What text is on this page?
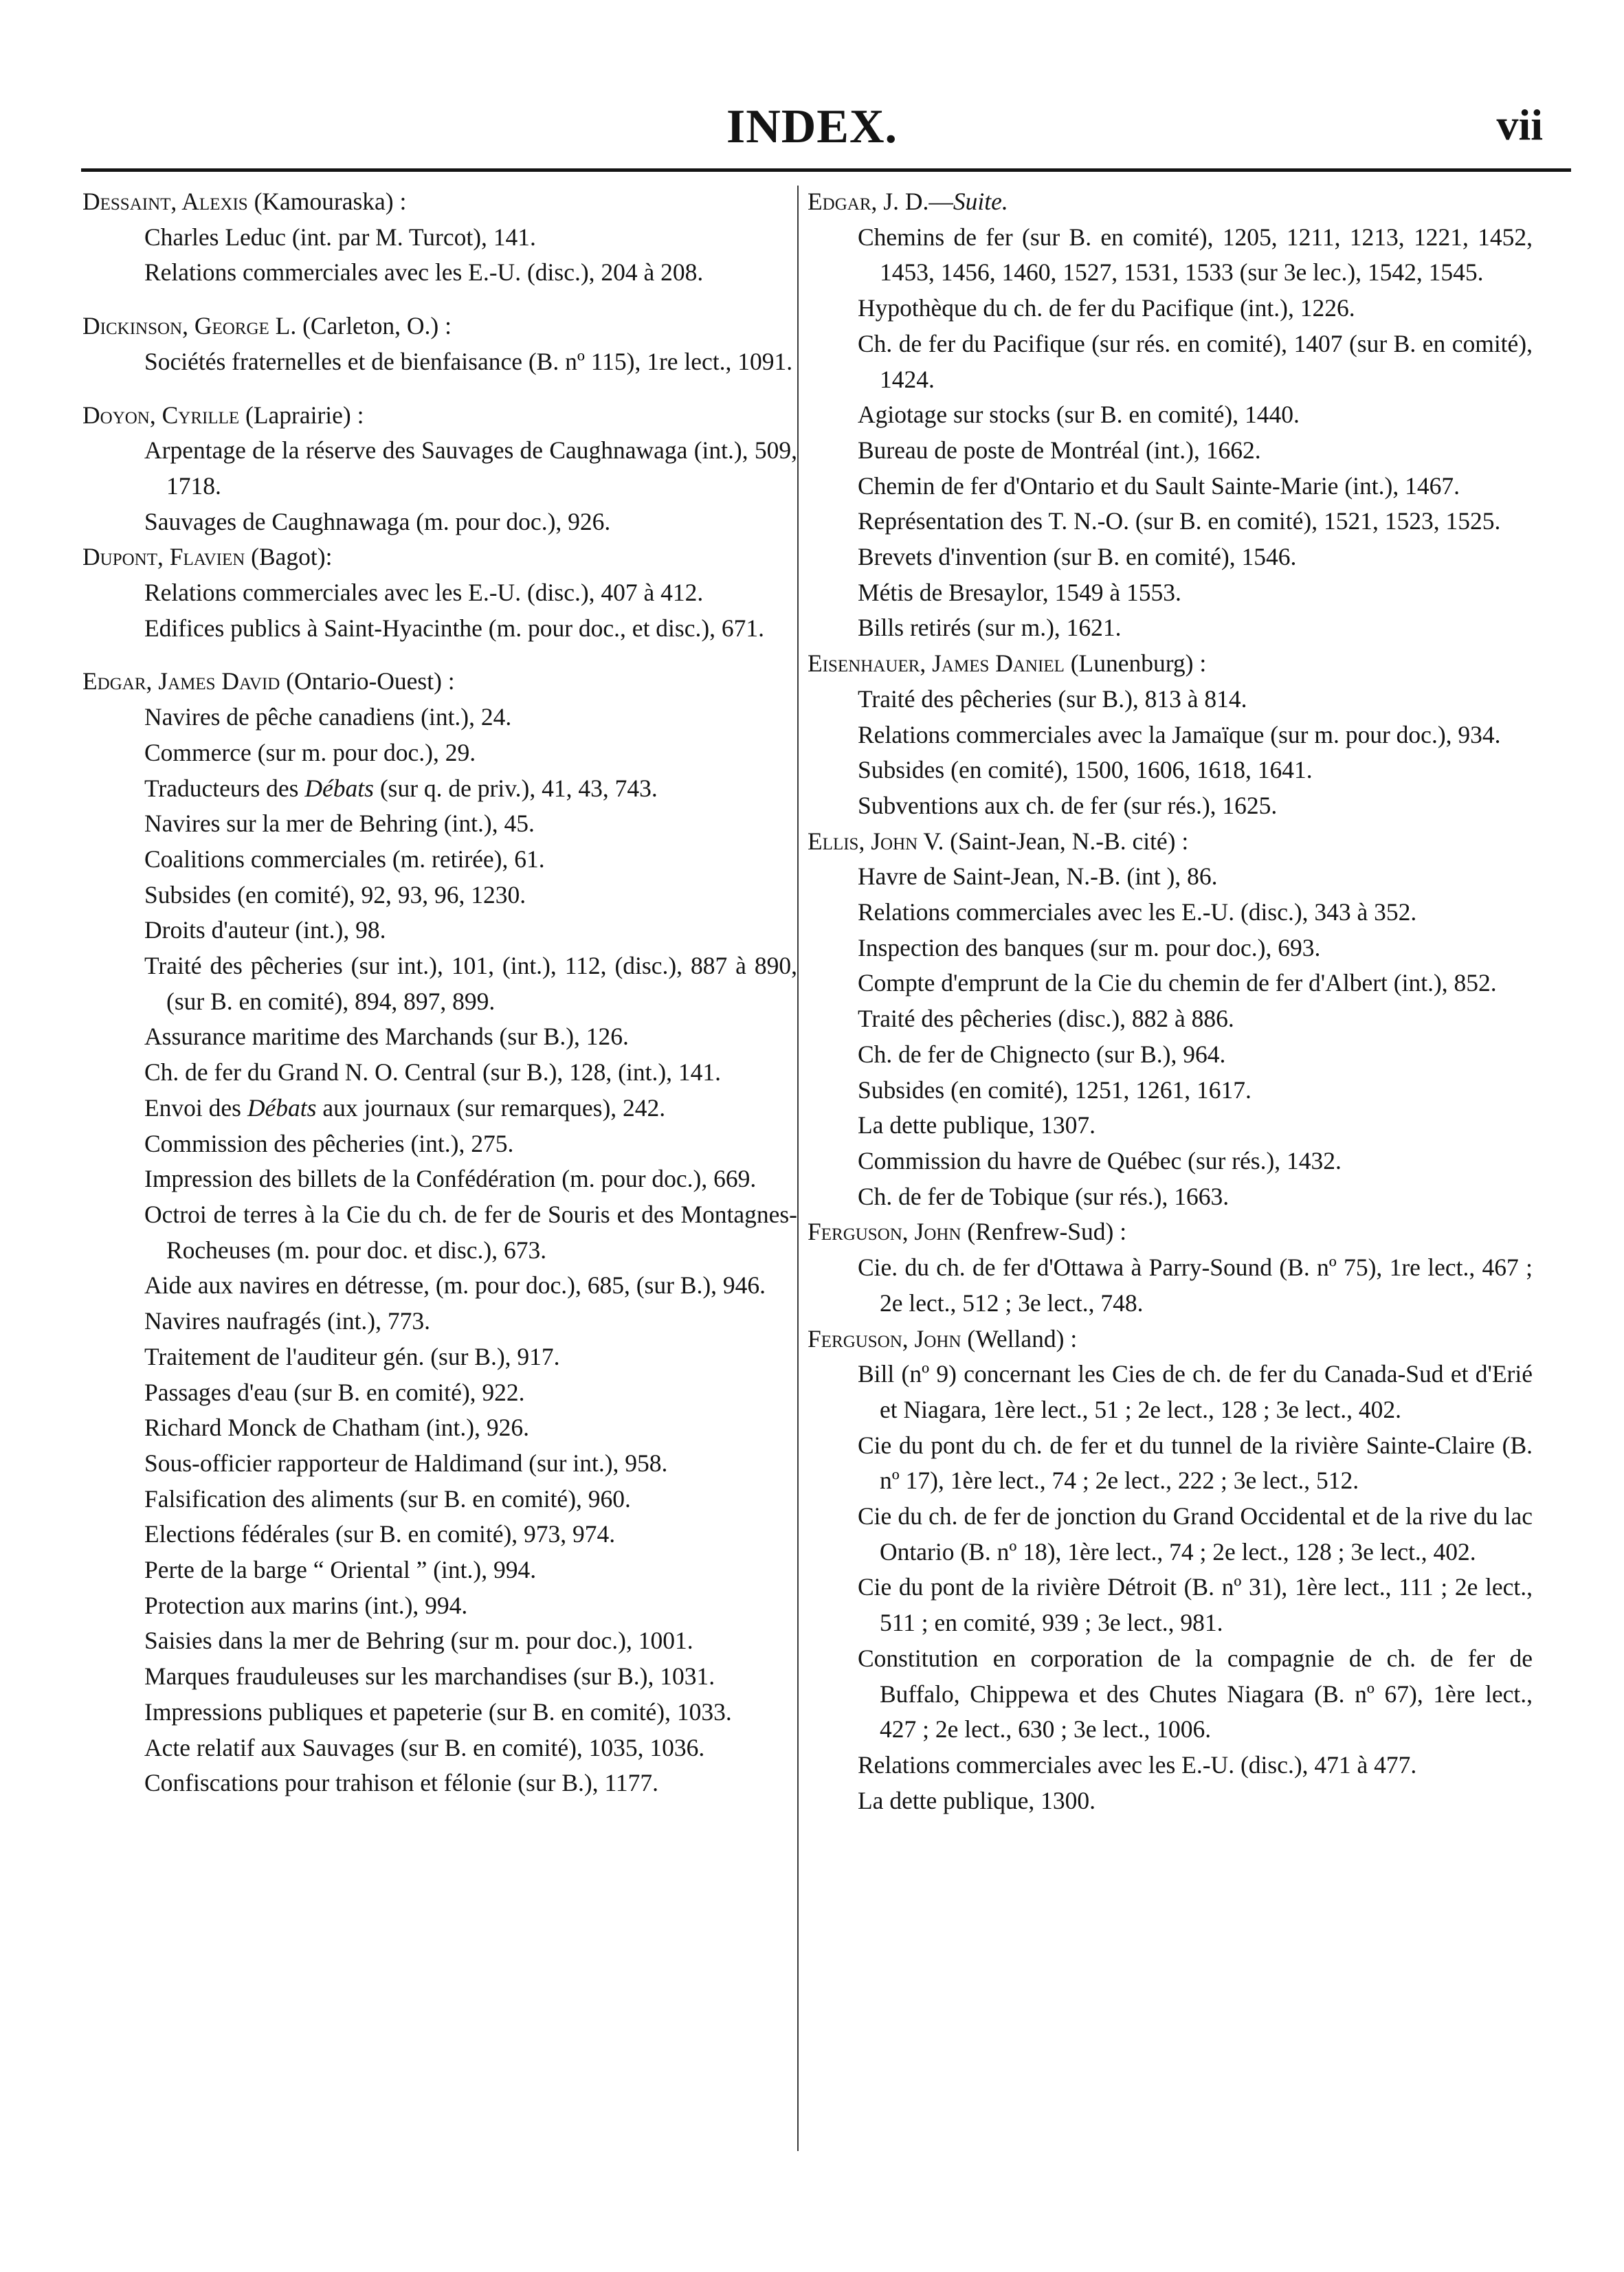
INDEX.	vii
Dessaint, Alexis (Kamouraska) :
Charles Leduc (int. par M. Turcot), 141.
Relations commerciales avec les E.-U. (disc.), 204 à 208.
Dickinson, George L. (Carleton, O.) :
Sociétés fraternelles et de bienfaisance (B. nº 115), 1re lect., 1091.
Doyon, Cyrille (Laprairie) :
Arpentage de la réserve des Sauvages de Caughnawaga (int.), 509, 1718.
Sauvages de Caughnawaga (m. pour doc.), 926.
Dupont, Flavien (Bagot):
Relations commerciales avec les E.-U. (disc.), 407 à 412.
Edifices publics à Saint-Hyacinthe (m. pour doc., et disc.), 671.
Edgar, James David (Ontario-Ouest) :
Navires de pêche canadiens (int.), 24.
Commerce (sur m. pour doc.), 29.
Traducteurs des Débats (sur q. de priv.), 41, 43, 743.
Navires sur la mer de Behring (int.), 45.
Coalitions commerciales (m. retirée), 61.
Subsides (en comité), 92, 93, 96, 1230.
Droits d'auteur (int.), 98.
Traité des pêcheries (sur int.), 101, (int.), 112, (disc.), 887 à 890, (sur B. en comité), 894, 897, 899.
Assurance maritime des Marchands (sur B.), 126.
Ch. de fer du Grand N. O. Central (sur B.), 128, (int.), 141.
Envoi des Débats aux journaux (sur remarques), 242.
Commission des pêcheries (int.), 275.
Impression des billets de la Confédération (m. pour doc.), 669.
Octroi de terres à la Cie du ch. de fer de Souris et des Montagnes-Rocheuses (m. pour doc. et disc.), 673.
Aide aux navires en détresse, (m. pour doc.), 685, (sur B.), 946.
Navires naufragés (int.), 773.
Traitement de l'auditeur gén. (sur B.), 917.
Passages d'eau (sur B. en comité), 922.
Richard Monck de Chatham (int.), 926.
Sous-officier rapporteur de Haldimand (sur int.), 958.
Falsification des aliments (sur B. en comité), 960.
Elections fédérales (sur B. en comité), 973, 974.
Perte de la barge “ Oriental ” (int.), 994.
Protection aux marins (int.), 994.
Saisies dans la mer de Behring (sur m. pour doc.), 1001.
Marques frauduleuses sur les marchandises (sur B.), 1031.
Impressions publiques et papeterie (sur B. en comité), 1033.
Acte relatif aux Sauvages (sur B. en comité), 1035, 1036.
Confiscations pour trahison et félonie (sur B.), 1177.
Edgar, J. D.—Suite.
Chemins de fer (sur B. en comité), 1205, 1211, 1213, 1221, 1452, 1453, 1456, 1460, 1527, 1531, 1533 (sur 3e lec.), 1542, 1545.
Hypothèque du ch. de fer du Pacifique (int.), 1226.
Ch. de fer du Pacifique (sur rés. en comité), 1407 (sur B. en comité), 1424.
Agiotage sur stocks (sur B. en comité), 1440.
Bureau de poste de Montréal (int.), 1662.
Chemin de fer d'Ontario et du Sault Sainte-Marie (int.), 1467.
Représentation des T. N.-O. (sur B. en comité), 1521, 1523, 1525.
Brevets d'invention (sur B. en comité), 1546.
Métis de Bresaylor, 1549 à 1553.
Bills retirés (sur m.), 1621.
Eisenhauer, James Daniel (Lunenburg) :
Traité des pêcheries (sur B.), 813 à 814.
Relations commerciales avec la Jamaïque (sur m. pour doc.), 934.
Subsides (en comité), 1500, 1606, 1618, 1641.
Subventions aux ch. de fer (sur rés.), 1625.
Ellis, John V. (Saint-Jean, N.-B. cité) :
Havre de Saint-Jean, N.-B. (int ), 86.
Relations commerciales avec les E.-U. (disc.), 343 à 352.
Inspection des banques (sur m. pour doc.), 693.
Compte d'emprunt de la Cie du chemin de fer d'Albert (int.), 852.
Traité des pêcheries (disc.), 882 à 886.
Ch. de fer de Chignecto (sur B.), 964.
Subsides (en comité), 1251, 1261, 1617.
La dette publique, 1307.
Commission du havre de Québec (sur rés.), 1432.
Ch. de fer de Tobique (sur rés.), 1663.
Ferguson, John (Renfrew-Sud) :
Cie. du ch. de fer d'Ottawa à Parry-Sound (B. nº 75), 1re lect., 467 ; 2e lect., 512 ; 3e lect., 748.
Ferguson, John (Welland) :
Bill (nº 9) concernant les Cies de ch. de fer du Canada-Sud et d'Erié et Niagara, 1ère lect., 51 ; 2e lect., 128 ; 3e lect., 402.
Cie du pont du ch. de fer et du tunnel de la rivière Sainte-Claire (B. nº 17), 1ère lect., 74 ; 2e lect., 222 ; 3e lect., 512.
Cie du ch. de fer de jonction du Grand Occidental et de la rive du lac Ontario (B. nº 18), 1ère lect., 74 ; 2e lect., 128 ; 3e lect., 402.
Cie du pont de la rivière Détroit (B. nº 31), 1ère lect., 111 ; 2e lect., 511 ; en comité, 939 ; 3e lect., 981.
Constitution en corporation de la compagnie de ch. de fer de Buffalo, Chippewa et des Chutes Niagara (B. nº 67), 1ère lect., 427 ; 2e lect., 630 ; 3e lect., 1006.
Relations commerciales avec les E.-U. (disc.), 471 à 477.
La dette publique, 1300.
